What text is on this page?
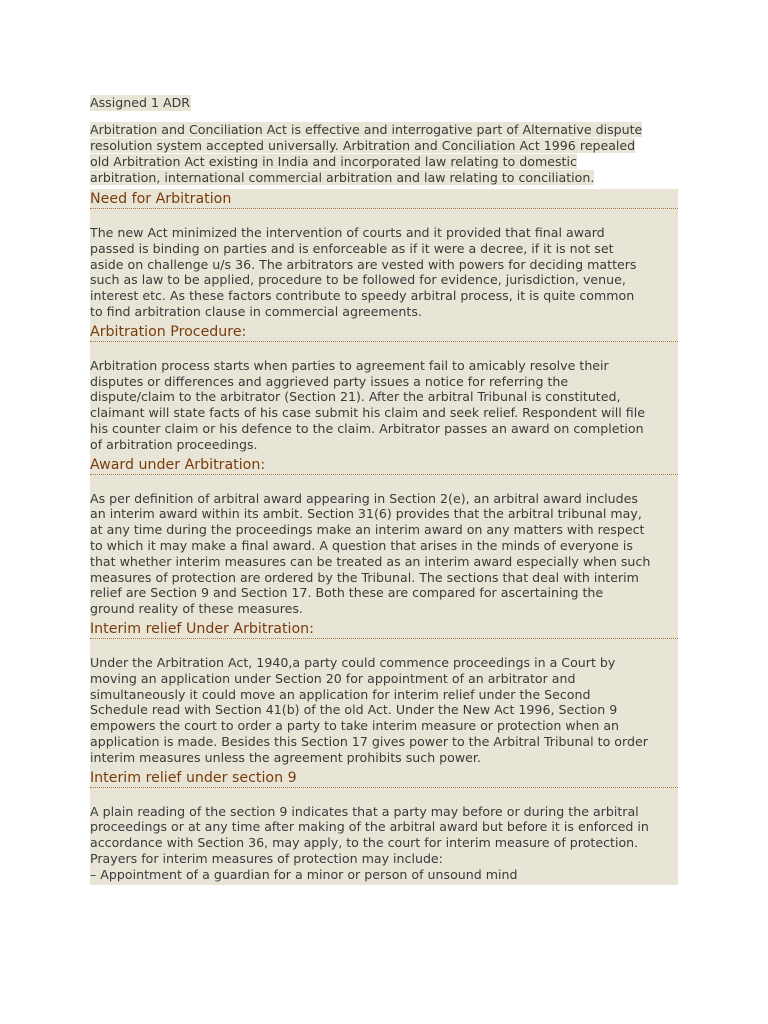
Assigned 1 ADR

Arbitration and Conciliation Act is effective and interrogative part of Alternative dispute
resolution system accepted universally. Arbitration and Conciliation Act 1996 repealed
old Arbitration Act existing in India and incorporated law relating to domestic
arbitration, international commercial arbitration and law relating to conciliation.

Need for Arbitration

The new Act minimized the intervention of courts and it provided that final award
passed is binding on parties and is enforceable as if it were a decree, if it is not set
aside on challenge u/s 36. The arbitrators are vested with powers for deciding matters
such as law to be applied, procedure to be followed for evidence, jurisdiction, venue,
interest etc. As these factors contribute to speedy arbitral process, it is quite common
to find arbitration clause in commercial agreements.

Arbitration Procedure:

Arbitration process starts when parties to agreement fail to amicably resolve their
disputes or differences and aggrieved party issues a notice for referring the
dispute/claim to the arbitrator (Section 21). After the arbitral Tribunal is constituted,
claimant will state facts of his case submit his claim and seek relief. Respondent will file
his counter claim or his defence to the claim. Arbitrator passes an award on completion
of arbitration proceedings.

Award under Arbitration:

As per definition of arbitral award appearing in Section 2(e), an arbitral award includes
an interim award within its ambit. Section 31(6) provides that the arbitral tribunal may,
at any time during the proceedings make an interim award on any matters with respect
to which it may make a final award. A question that arises in the minds of everyone is
that whether interim measures can be treated as an interim award especially when such
measures of protection are ordered by the Tribunal. The sections that deal with interim
relief are Section 9 and Section 17. Both these are compared for ascertaining the
ground reality of these measures.

Interim relief Under Arbitration:

Under the Arbitration Act, 1940,a party could commence proceedings in a Court by
moving an application under Section 20 for appointment of an arbitrator and
simultaneously it could move an application for interim relief under the Second
Schedule read with Section 41(b) of the old Act. Under the New Act 1996, Section 9
empowers the court to order a party to take interim measure or protection when an
application is made. Besides this Section 17 gives power to the Arbitral Tribunal to order
interim measures unless the agreement prohibits such power.

Interim relief under section 9

A plain reading of the section 9 indicates that a party may before or during the arbitral
proceedings or at any time after making of the arbitral award but before it is enforced in
accordance with Section 36, may apply, to the court for interim measure of protection.
Prayers for interim measures of protection may include:
– Appointment of a guardian for a minor or person of unsound mind
